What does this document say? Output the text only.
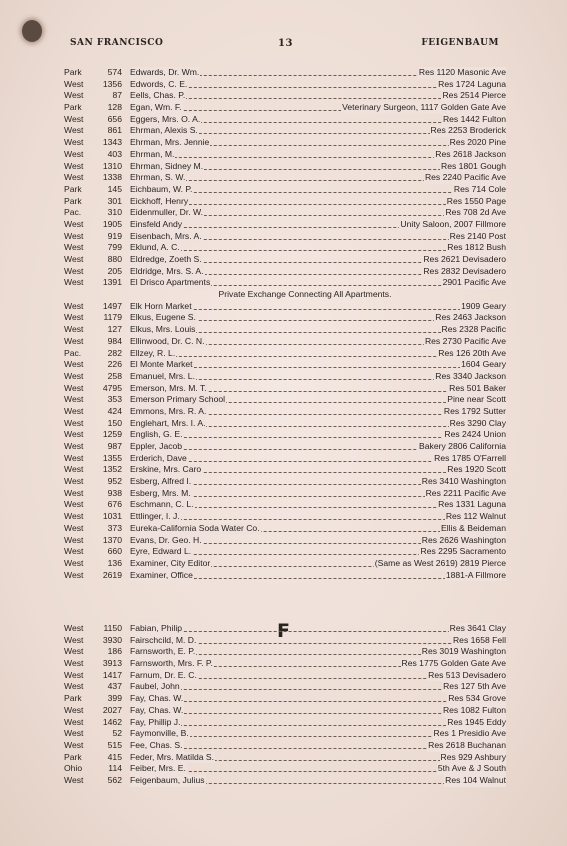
SAN FRANCISCO	13	FEIGENBAUM
Park	574 Edwards, Dr. Wm.	Res 1120 Masonic Ave
West	1356 Edwords, C. E.	Res 1724 Laguna
West	87 Eells, Chas. P.	Res 2514 Pierce
Park	128 Egan, Wm. F.	Veterinary Surgeon, 1117 Golden Gate Ave
West	656 Eggers, Mrs. O. A.	Res 1442 Fulton
West	861 Ehrman, Alexis S.	Res 2253 Broderick
West	1343 Ehrman, Mrs. Jennie	Res 2020 Pine
West	403 Ehrman, M.	Res 2618 Jackson
West	1310 Ehrman, Sidney M.	Res 1801 Gough
West	1338 Ehrman, S. W.	Res 2240 Pacific Ave
Park	145 Eichbaum, W. P.	Res 714 Cole
Park	301 Eickhoff, Henry	Res 1550 Page
Pac.	310 Eidenmuller, Dr. W.	Res 708 2d Ave
West	1905 Einsfeld Andy	Unity Saloon, 2007 Fillmore
West	919 Eisenbach, Mrs. A.	Res 2140 Post
West	799 Eklund, A. C.	Res 1812 Bush
West	880 Eldredge, Zoeth S.	Res 2621 Devisadero
West	205 Eldridge, Mrs. S. A.	Res 2832 Devisadero
West	1391 El Drisco Apartments	2901 Pacific Ave
Private Exchange Connecting All Apartments.
West	1497 Elk Horn Market	1909 Geary
West	1179 Elkus, Eugene S.	Res 2463 Jackson
West	127 Elkus, Mrs. Louis	Res 2328 Pacific
West	984 Ellinwood, Dr. C. N.	Res 2730 Pacific Ave
Pac.	282 Ellzey, R. L.	Res 126 20th Ave
West	226 El Monte Market	1604 Geary
West	258 Emanuel, Mrs. L.	Res 3340 Jackson
West	4795 Emerson, Mrs. M. T.	Res 501 Baker
West	353 Emerson Primary School	Pine near Scott
West	424 Emmons, Mrs. R. A.	Res 1792 Sutter
West	150 Englehart, Mrs. I. A.	Res 3290 Clay
West	1259 English, G. E.	Res 2424 Union
West	987 Eppler, Jacob	Bakery 2806 California
West	1355 Erderich, Dave	Res 1785 O'Farrell
West	1352 Erskine, Mrs. Caro	Res 1920 Scott
West	952 Esberg, Alfred I.	Res 3410 Washington
West	938 Esberg, Mrs. M.	Res 2211 Pacific Ave
West	676 Eschmann, C. L.	Res 1331 Laguna
West	1031 Ettlinger, I. J.	Res 112 Walnut
West	373 Eureka-California Soda Water Co.	Ellis & Beideman
West	1370 Evans, Dr. Geo. H.	Res 2626 Washington
West	660 Eyre, Edward L.	Res 2295 Sacramento
West	136 Examiner, City Editor	(Same as West 2619) 2819 Pierce
West	2619 Examiner, Office	1881-A Fillmore
F
West	1150 Fabian, Philip	Res 3641 Clay
West	3930 Fairschcild, M. D.	Res 1658 Fell
West	186 Farnsworth, E. P.	Res 3019 Washington
West	3913 Farnsworth, Mrs. F. P.	Res 1775 Golden Gate Ave
West	1417 Farnum, Dr. E. C.	Res 513 Devisadero
West	437 Faubel, John	Res 127 5th Ave
Park	399 Fay, Chas. W.	Res 534 Grove
West	2027 Fay, Chas. W.	Res 1082 Fulton
West	1462 Fay, Phillip J.	Res 1945 Eddy
West	52 Faymonville, B.	Res 1 Presidio Ave
West	515 Fee, Chas. S.	Res 2618 Buchanan
Park	415 Feder, Mrs. Matilda S.	Res 929 Ashbury
Ohio	114 Feiber, Mrs. E.	5th Ave & J South
West	562 Feigenbaum, Julius	Res 104 Walnut
